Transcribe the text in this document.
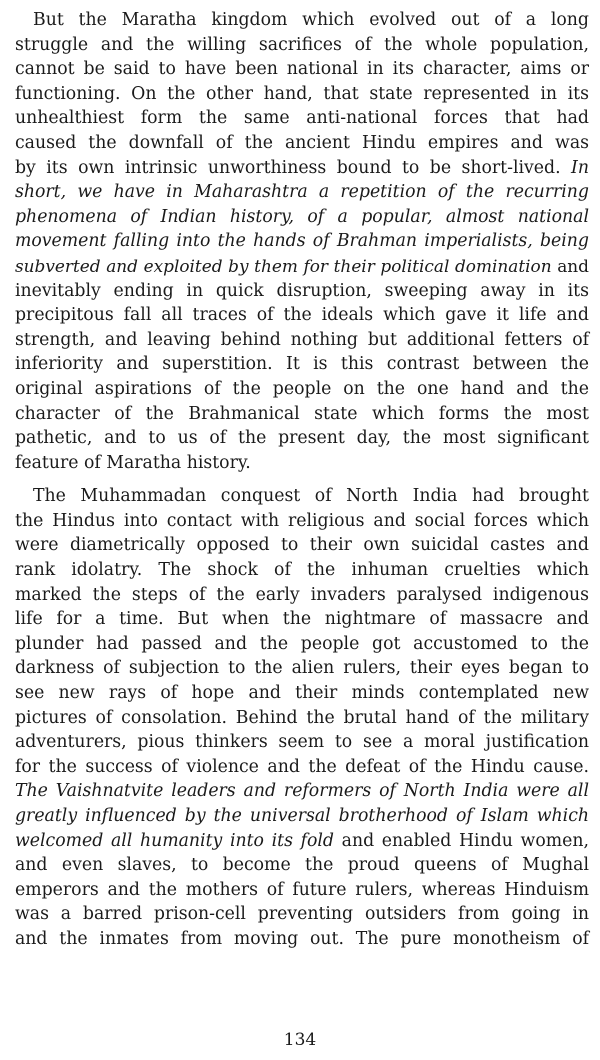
But the Maratha kingdom which evolved out of a long
struggle and the willing sacrifices of the whole population,
cannot be said to have been national in its character, aims or
functioning. On the other hand, that state represented in its
unhealthiest form the same anti-national forces that had
caused the downfall of the ancient Hindu empires and was
by its own intrinsic unworthiness bound to be short-lived. In
short, we have in Maharashtra a repetition of the recurring
phenomena of Indian history, of a popular, almost national
movement falling into the hands of Brahman imperialists, being
subverted and exploited by them for their political domination and
inevitably ending in quick disruption, sweeping away in its
precipitous fall all traces of the ideals which gave it life and
strength, and leaving behind nothing but additional fetters of
inferiority and superstition. It is this contrast between the
original aspirations of the people on the one hand and the
character of the Brahmanical state which forms the most
pathetic, and to us of the present day, the most significant
feature of Maratha history.

The Muhammadan conquest of North India had brought
the Hindus into contact with religious and social forces which
were diametrically opposed to their own suicidal castes and
rank idolatry. The shock of the inhuman cruelties which
marked the steps of the early invaders paralysed indigenous
life for a time. But when the nightmare of massacre and
plunder had passed and the people got accustomed to the
darkness of subjection to the alien rulers, their eyes began to
see new rays of hope and their minds contemplated new
pictures of consolation. Behind the brutal hand of the military
adventurers, pious thinkers seem to see a moral justification
for the success of violence and the defeat of the Hindu cause.
The Vaishnatvite leaders and reformers of North India were all
greatly influenced by the universal brotherhood of Islam which
welcomed all humanity into its fold and enabled Hindu women,
and even slaves, to become the proud queens of Mughal
emperors and the mothers of future rulers, whereas Hinduism
was a barred prison-cell preventing outsiders from going in
and the inmates from moving out. The pure monotheism of

134
